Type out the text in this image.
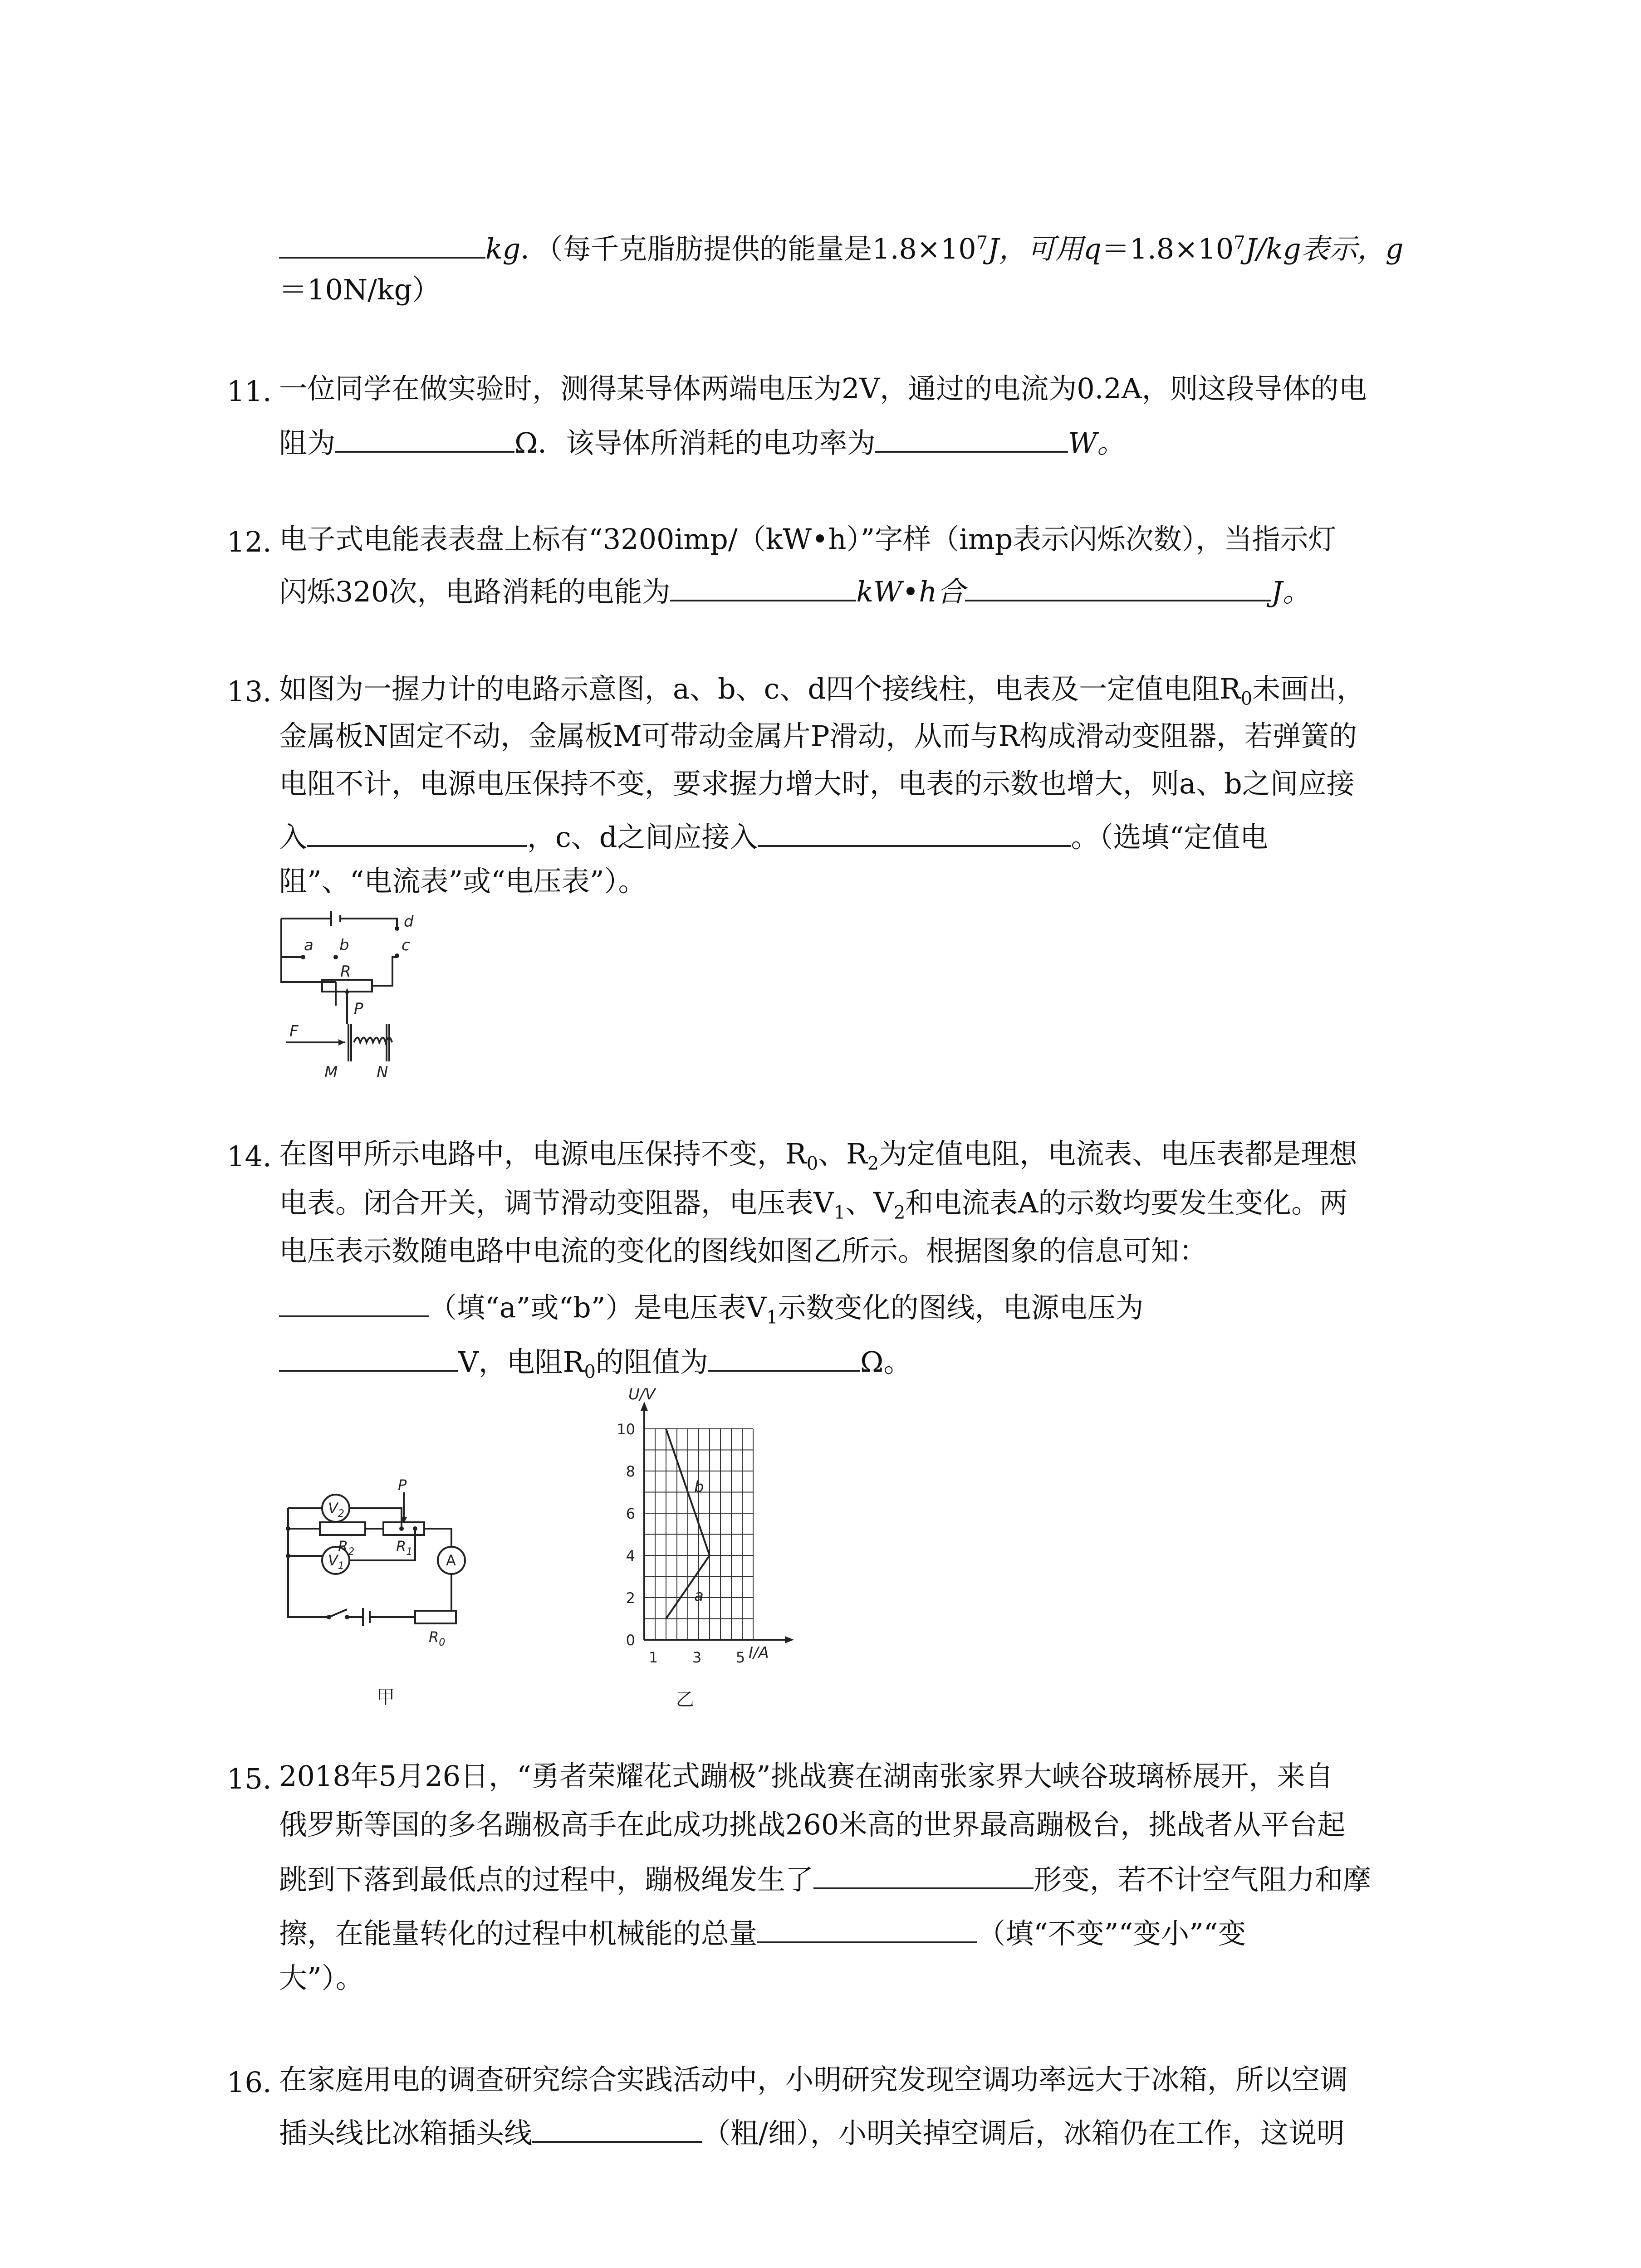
kg．（每千克脂肪提供的能量是$1.8\times 10^7J$，可用$q=1.8\times 10^7J/kg$表示，g
＝10N/kg）
11. 一位同学在做实验时，测得某导体两端电压为2V，通过的电流为0.2A，则这段导体的电
阻为	Ω．该导体所消耗的电功率为	W。
12. 电子式电能表表盘上标有“3200imp/（kW•h）”字样（imp表示闪烁次数），当指示灯
闪烁320次，电路消耗的电能为	kW•h合	J。
13. 如图为一握力计的电路示意图，a、b、c、d四个接线柱，电表及一定值电阻$R_0$未画出，
金属板N固定不动，金属板M可带动金属片P滑动，从而与R构成滑动变阻器，若弹簧的
电阻不计，电源电压保持不变，要求握力增大时，电表的示数也增大，则a、b之间应接
入	，c、d之间应接入	。（选填“定值电
阻”、“电流表”或“电压表”）。
d
a b	c
R
P
F
M	N
14. 在图甲所示电路中，电源电压保持不变，$R_0$、$R_2$为定值电阻，电流表、电压表都是理想
电表。闭合开关，调节滑动变阻器，电压表$V_1$、$V_2$和电流表A的示数均要发生变化。两
电压表示数随电路中电流的变化的图线如图乙所示。根据图象的信息可知：
（填“a”或“b”）是电压表$V_1$示数变化的图线，电源电压为
V，电阻$R_0$的阻值为	Ω。
$V_2$
$V_1$
$R_2$	$R_1$
$R_0$
P
A
甲
0
2
4
6
8
10
1 3 5
b
a
U/V
I/A
乙
15. 2018年5月26日，“勇者荣耀花式蹦极”挑战赛在湖南张家界大峡谷玻璃桥展开，来自
俄罗斯等国的多名蹦极高手在此成功挑战260米高的世界最高蹦极台，挑战者从平台起
跳到下落到最低点的过程中，蹦极绳发生了	形变，若不计空气阻力和摩
擦，在能量转化的过程中机械能的总量	（填“不变”“变小”“变
大”）。
16. 在家庭用电的调查研究综合实践活动中，小明研究发现空调功率远大于冰箱，所以空调
插头线比冰箱插头线	（粗/细），小明关掉空调后，冰箱仍在工作，这说明
